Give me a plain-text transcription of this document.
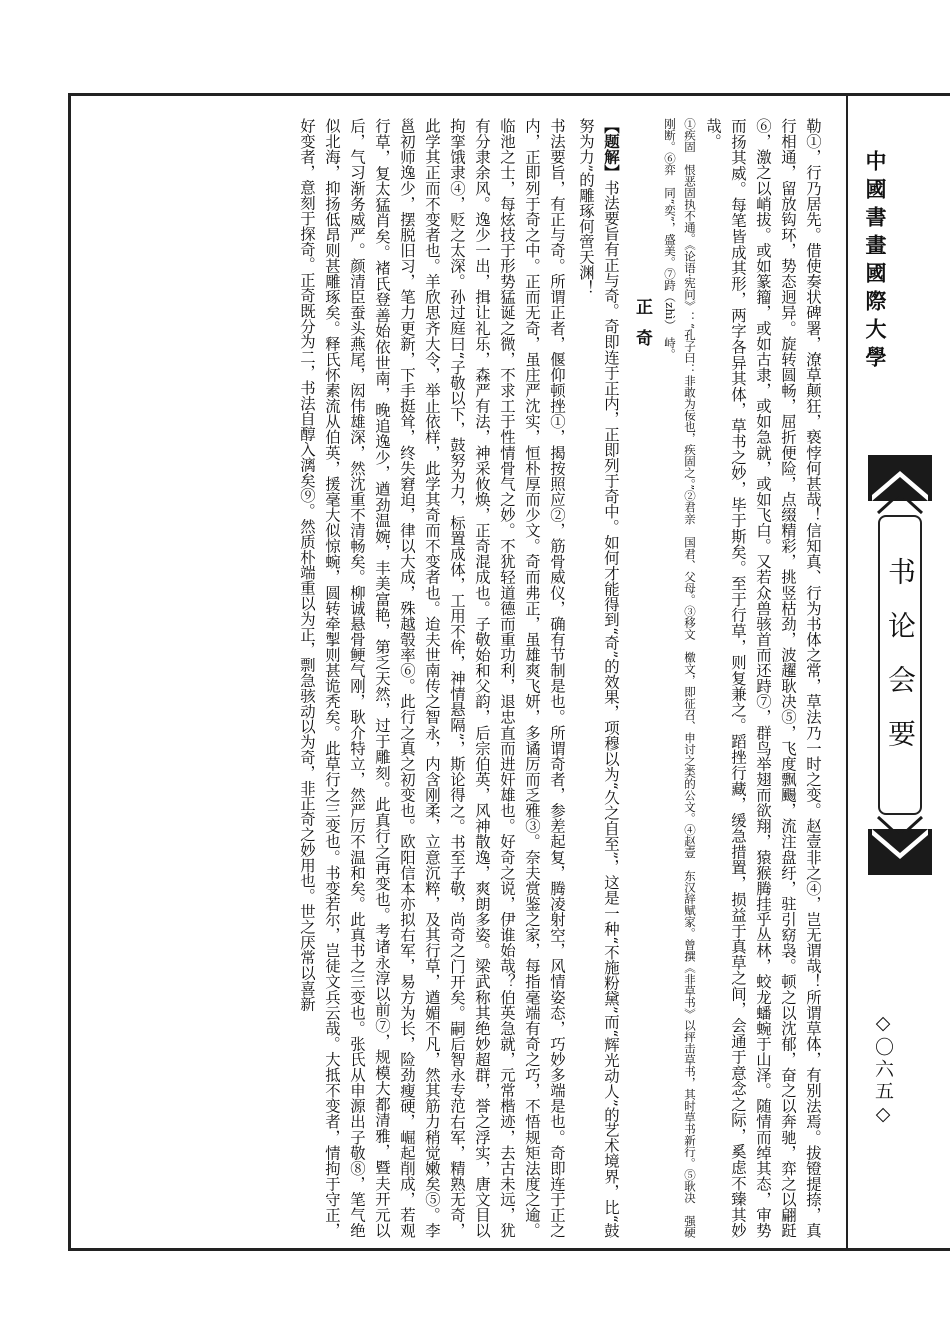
中國書畫國際大學
书论会要
◇〇六五◇

勒①，行乃居先。借使奏状碑署，潦草颠狂，亵悖何甚哉！信知真、行为书体之常，草法乃一时之变。赵壹非之④，岂无谓哉！所谓草体，有别法焉。拔镫提捺，真行相通，留放钩环，势态迥异。旋转圆畅，屈折便险，点缀精彩，挑竖枯劲，波趯耿决⑤，飞度飘颺，流注盘纡，驻引窈袅。顿之以沈郁，奋之以奔驰，弈之以翩跹⑥，激之以峭拔。或如篆籀，或如古隶，或如急就，或如飞白。又若众兽骇首而还跱⑦，群鸟举翅而欲翔，猿猴腾挂乎丛林，蛟龙蟠蜿于山泽。随情而绰其态，审势而扬其威。每笔皆成其形，两字各异其体，草书之妙，毕于斯矣。至于行草，则复兼之。蹈挫行藏，缓急措置，损益于真草之间，会通于意念之际，奚虑不臻其妙哉。

①疾固　恨恶固执不通。《论语·宪问》：“孔子曰：非敢为佞也，疾固之。”②君亲　国君、父母。③移文　檄文，即征召、申讨之类的公文。④赵壹　东汉辞赋家。曾撰《非草书》以抨击草书，其时草书新行。⑤耿决　强硬刚断。⑥弈　同“奕”，盛美。⑦跱（zhì）　峙。

正奇

【题解】书法要旨有正与奇。奇即连于正内，正即列于奇中。如何才能得到“奇”的效果，项穆以为“久之自至”，这是一种“不施粉黛”而“辉光动人”的艺术境界，比“鼓努为力”的雕琢何啻天渊！

书法要旨，有正与奇。所谓正者，偃仰顿挫①，揭按照应②，筋骨威仪，确有节制是也。所谓奇者，参差起复，腾凌射空，风情姿态，巧妙多端是也。奇即连于正之内，正即列于奇之中。正而无奇，虽庄严沈实，恒朴厚而少文。奇而弗正，虽雄爽飞妍，多谲厉而乏雅③。奈夫赏鉴之家，每指毫端有奇之巧，不悟规矩法度之逾。临池之士，每炫技于形势猛诞之微，不求工于性情骨气之妙。不犹轻道德而重功利，退忠直而进奸雄也。好奇之说，伊谁始哉？伯英急就，元常楷迹，去古未远，犹有分隶余风。逸少一出，揖让礼乐，森严有法，神采攸焕，正奇混成也。子敬始和父韵，后宗伯英，风神散逸，爽朗多姿。梁武称其绝妙超群，誉之浮实，唐文目以拘挛饿隶④，贬之太深。孙过庭曰“子敬以下，鼓努为力，标置成体，工用不侔，神情悬隔”，斯论得之。书至子敬，尚奇之门开矣。嗣后智永专范右军，精熟无奇，此学其正而不变者也。羊欣思齐大令，举止依样，此学其奇而不变者也。迨夫世南传之智永，内含刚柔，立意沉粹，及其行草，遒媚不凡，然其筋力稍觉嫩矣⑤。李邕初师逸少，摆脱旧习，笔力更新，下手挺耸，终失窘迫，律以大成，殊越彀率⑥。此行之真之初变也。欧阳信本亦拟右军，易方为长，险劲瘦硬，崛起削成，若观行草，复太猛肖矣。褚氏登善始依世南，晚追逸少，遒劲温婉，丰美富艳，第乏天然，过于雕刻。此真行之再变也。考诸永淳以前⑦，规模大都清雅，暨夫开元以后，气习渐务威严。颜清臣蚕头燕尾，闳伟雄深，然沈重不清畅矣。柳诚悬骨鲠气刚，耿介特立，然严厉不温和矣。此真书之三变也。张氏从申源出子敬⑧，笔气绝似北海，抑扬低昂则甚雕琢矣。释氏怀素流从伯英，援毫大似惊蜿，圆转牵掣则甚诡秃矣。此草行之三变也。书变若尔，岂徒文兵云哉。大抵不变者，情拘于守正，好变者，意刻于探奇。正奇既分为二，书法自醇入漓矣⑨。然质朴端重以为正，剽急骇动以为奇，非正奇之妙用也。世之厌常以喜新
